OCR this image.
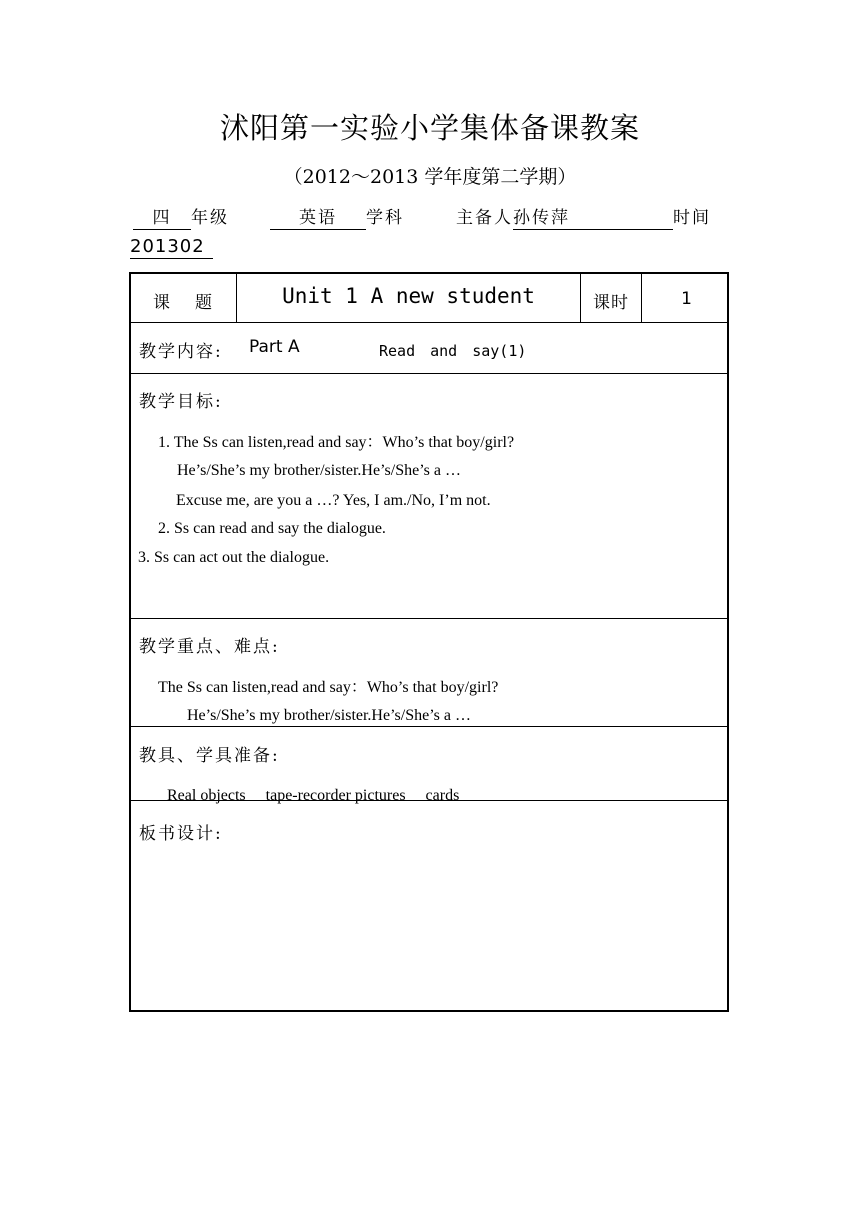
沭阳第一实验小学集体备课教案
（2012～2013 学年度第二学期）
四 年级	英语 学科	主备人孙传萍	时间
201302
课　题	Unit 1 A new student	课时	1
教学内容: Part A	Read　and　say(1)
教学目标:
1. The Ss can listen,read and say：Who’s that boy/girl?
He’s/She’s my brother/sister.He’s/She’s a …
Excuse me, are you a …? Yes, I am./No, I’m not.
2. Ss can read and say the dialogue.
3. Ss can act out the dialogue.
教学重点、难点:
The Ss can listen,read and say：Who’s that boy/girl?
He’s/She’s my brother/sister.He’s/She’s a …
教具、学具准备:
Real objects　 tape-recorder pictures　 cards
板书设计:
